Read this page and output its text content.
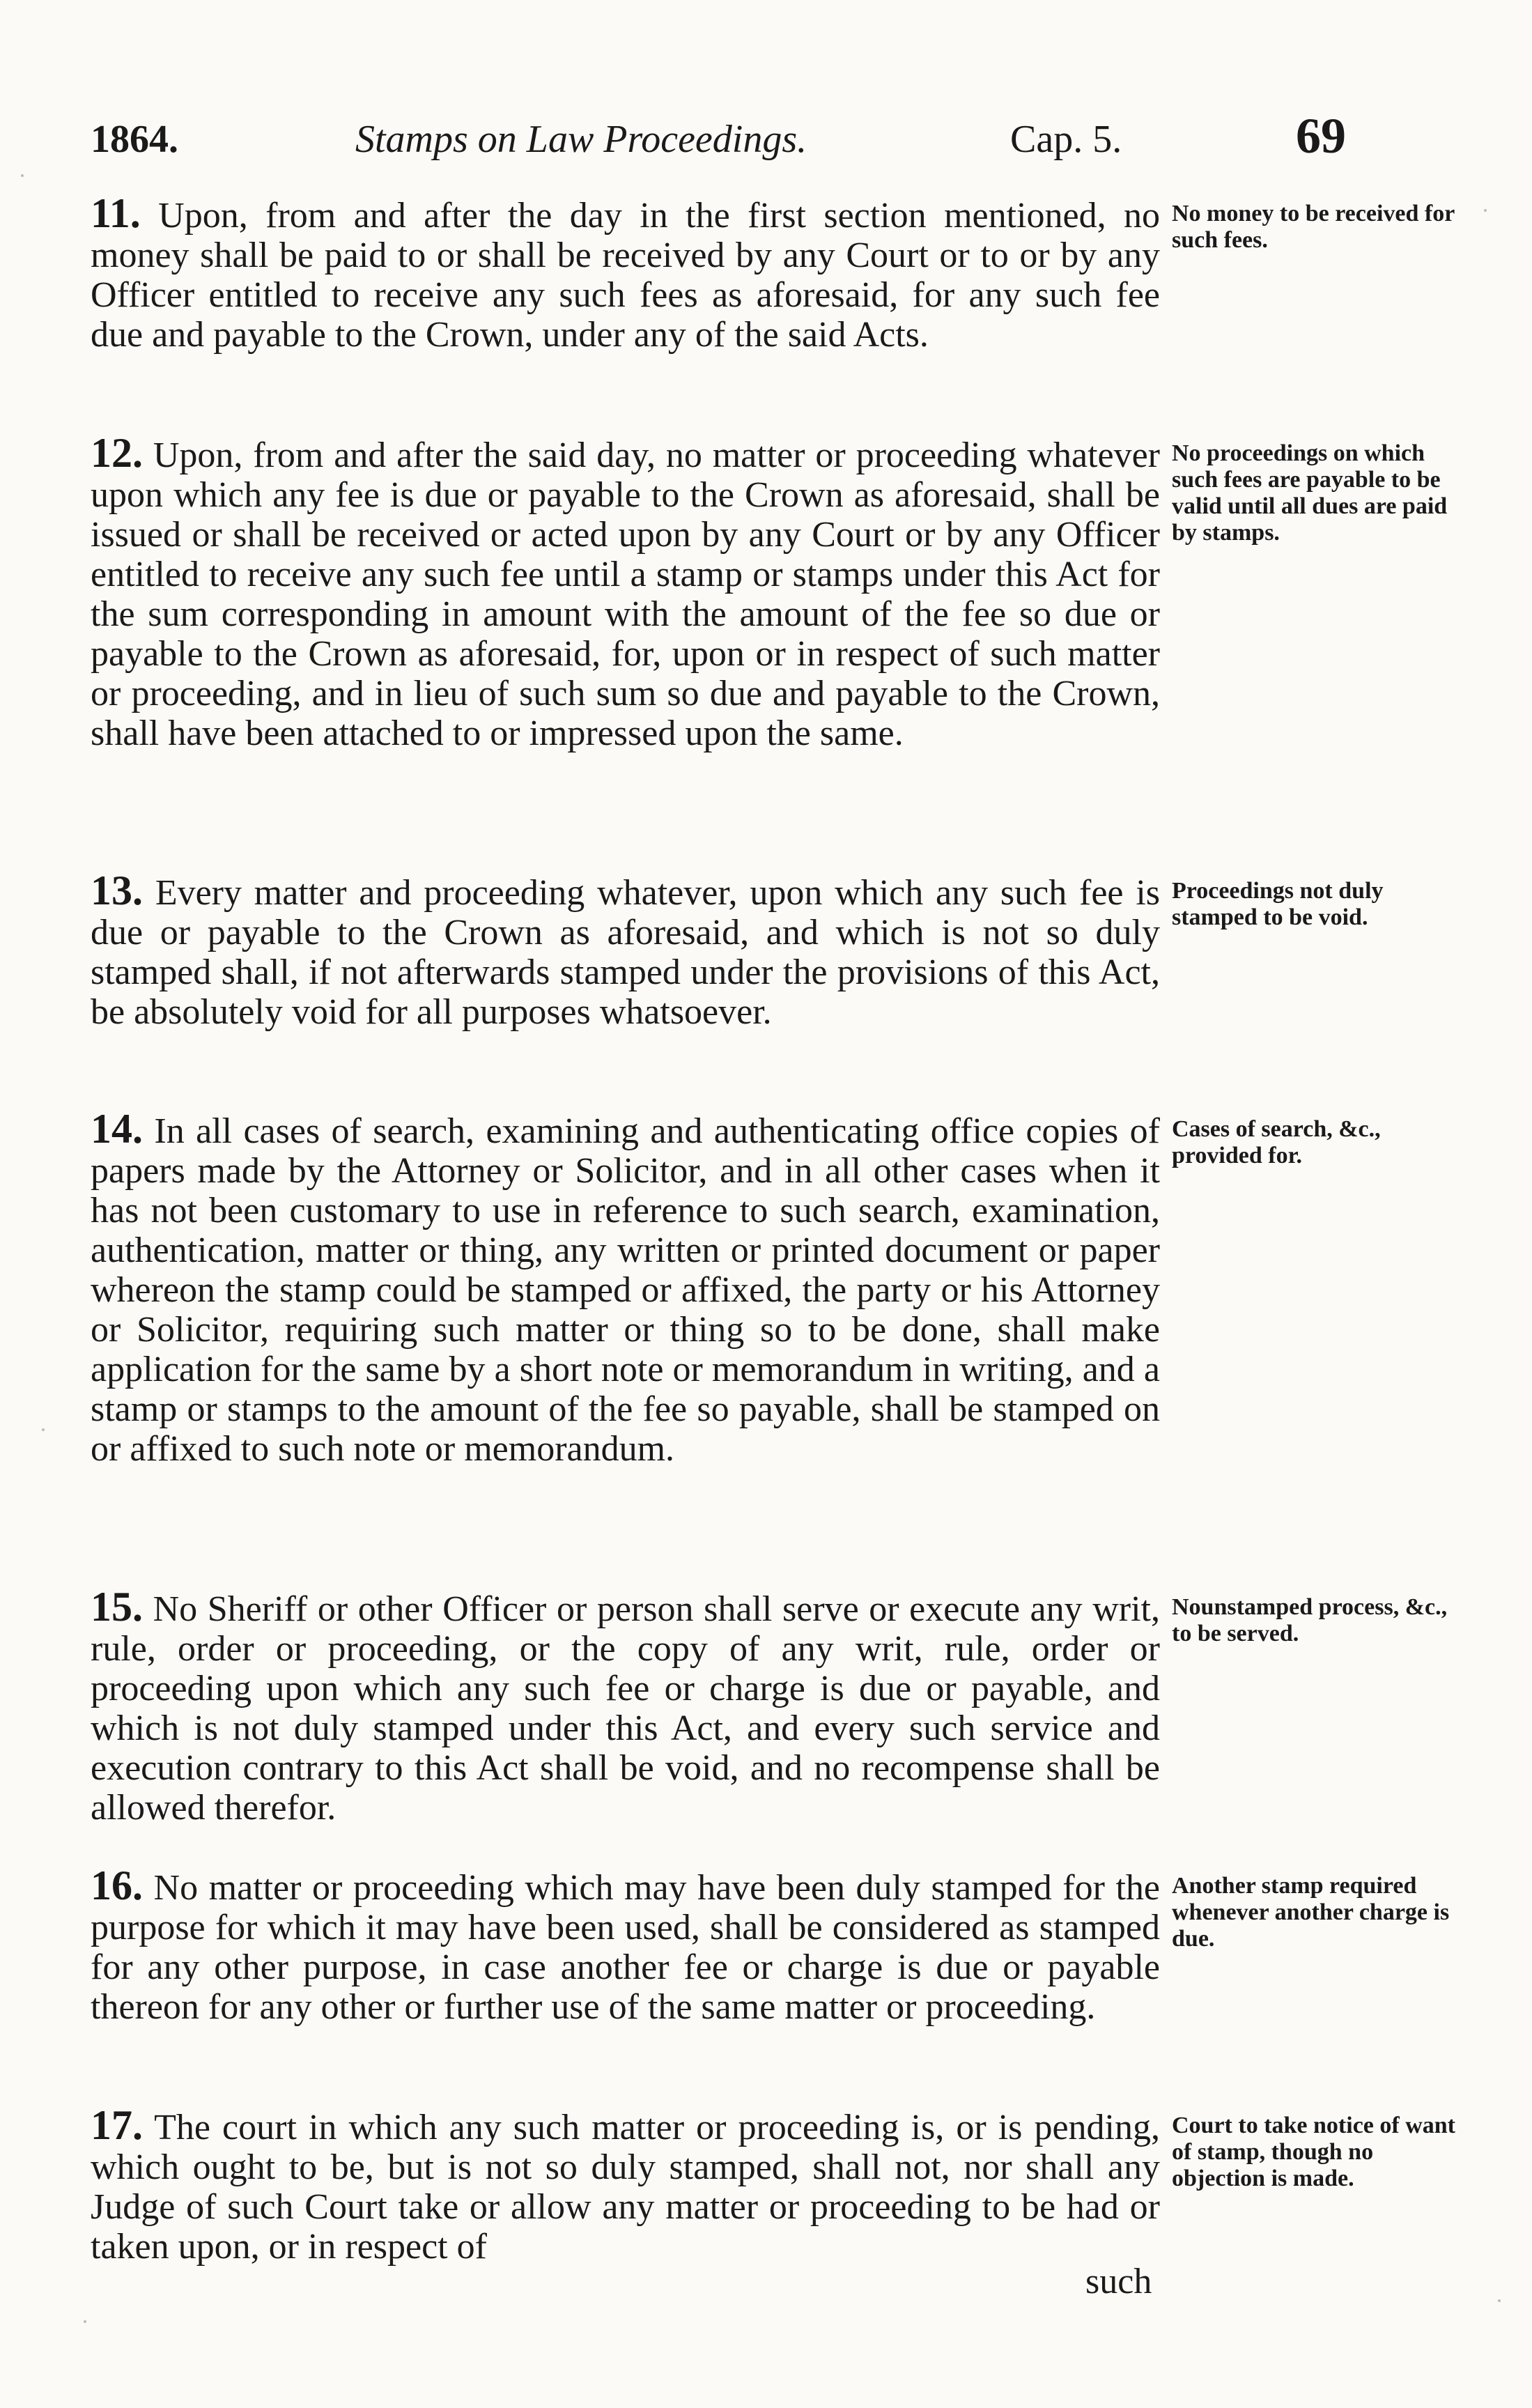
1864.	Stamps on Law Proceedings.	Cap. 5.	69
11. Upon, from and after the day in the first section mentioned, no money shall be paid to or shall be received by any Court or to or by any Officer entitled to receive any such fees as aforesaid, for any such fee due and payable to the Crown, under any of the said Acts.
No money to be received for such fees.
12. Upon, from and after the said day, no matter or proceeding whatever upon which any fee is due or payable to the Crown as aforesaid, shall be issued or shall be received or acted upon by any Court or by any Officer entitled to receive any such fee until a stamp or stamps under this Act for the sum corresponding in amount with the amount of the fee so due or payable to the Crown as aforesaid, for, upon or in respect of such matter or proceeding, and in lieu of such sum so due and payable to the Crown, shall have been attached to or impressed upon the same.
No proceedings on which such fees are payable to be valid until all dues are paid by stamps.
13. Every matter and proceeding whatever, upon which any such fee is due or payable to the Crown as aforesaid, and which is not so duly stamped shall, if not afterwards stamped under the provisions of this Act, be absolutely void for all purposes whatsoever.
Proceedings not duly stamped to be void.
14. In all cases of search, examining and authenticating office copies of papers made by the Attorney or Solicitor, and in all other cases when it has not been customary to use in reference to such search, examination, authentication, matter or thing, any written or printed document or paper whereon the stamp could be stamped or affixed, the party or his Attorney or Solicitor, requiring such matter or thing so to be done, shall make application for the same by a short note or memorandum in writing, and a stamp or stamps to the amount of the fee so payable, shall be stamped on or affixed to such note or memorandum.
Cases of search, &c., provided for.
15. No Sheriff or other Officer or person shall serve or execute any writ, rule, order or proceeding, or the copy of any writ, rule, order or proceeding upon which any such fee or charge is due or payable, and which is not duly stamped under this Act, and every such service and execution contrary to this Act shall be void, and no recompense shall be allowed therefor.
Nounstamped process, &c., to be served.
16. No matter or proceeding which may have been duly stamped for the purpose for which it may have been used, shall be considered as stamped for any other purpose, in case another fee or charge is due or payable thereon for any other or further use of the same matter or proceeding.
Another stamp required whenever another charge is due.
17. The court in which any such matter or proceeding is, or is pending, which ought to be, but is not so duly stamped, shall not, nor shall any Judge of such Court take or allow any matter or proceeding to be had or taken upon, or in respect of
Court to take notice of want of stamp, though no objection is made.
such
